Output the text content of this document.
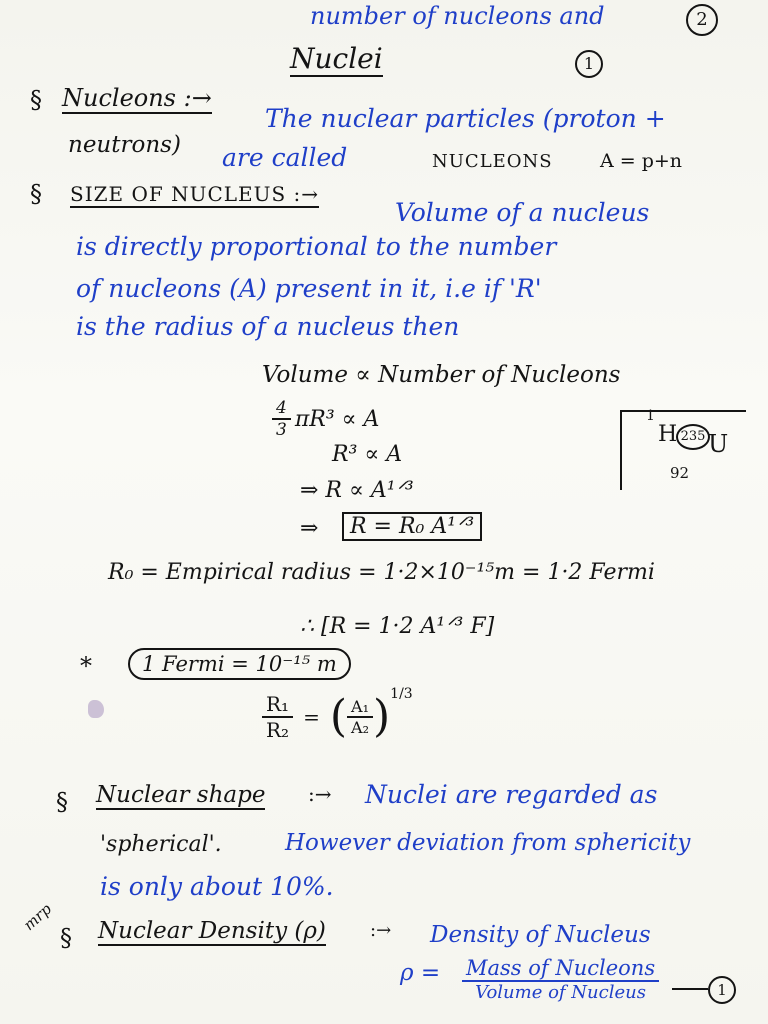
number of nucleons and	2
Nuclei	1
§ Nucleons :→
The nuclear particles (proton +
neutrons) are called	NUCLEONS A = p+n
§ SIZE OF NUCLEUS :→
Volume of a nucleus
is directly proportional to the number
of nucleons (A) present in it, i.e if 'R'
is the radius of a nucleus then
Volume ∝ Number of Nucleons
$\frac{4}{3} \pi R^3 \propto A$
R³ ∝ A
⇒ R ∝ A¹ᐟ³
⇒	R = R₀ A¹ᐟ³
1
H 235 U
92
R₀ = Empirical radius = 1·2×10⁻¹⁵m = 1·2 Fermi
∴ [R = 1·2 A¹ᐟ³ F]
*	1 Fermi = 10⁻¹⁵ m
$\frac{\text{R₁}}{\text{R₂}}$ = ( $\frac{\text{A₁}}{\text{A₂}}$ ) 1/3
§ Nuclear shape :→ Nuclei are regarded as
'spherical'.	However deviation from sphericity
is only about 10%.
mrp
§ Nuclear Density (ρ) :→ Density of Nucleus
ρ = Mass of Nucleons
Volume of Nucleus	1
